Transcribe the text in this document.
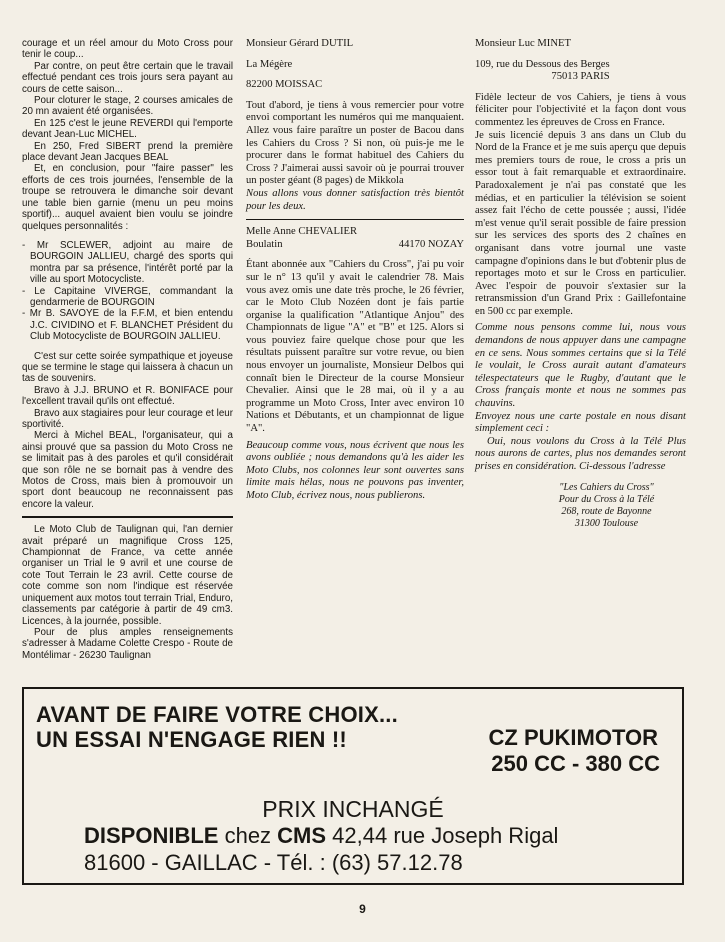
courage et un réel amour du Moto Cross pour tenir le coup...

Par contre, on peut être certain que le travail effectué pendant ces trois jours sera payant au cours de cette saison...

Pour cloturer le stage, 2 courses amicales de 20 mn avaient été organisées.

En 125 c'est le jeune REVERDI qui l'emporte devant Jean-Luc MICHEL.

En 250, Fred SIBERT prend la première place devant Jean Jacques BEAL

Et, en conclusion, pour "faire passer" les efforts de ces trois journées, l'ensemble de la troupe se retrouvera le dimanche soir devant une table bien garnie (menu un peu moins sportif)... auquel avaient bien voulu se joindre quelques personnalités :

- Mr SCLEWER, adjoint au maire de BOURGOIN JALLIEU, chargé des sports qui montra par sa présence, l'intérêt porté par la ville au sport Motocycliste.

- Le Capitaine VIVERGE, commandant la gendarmerie de BOURGOIN

- Mr B. SAVOYE de la F.F.M, et bien entendu J.C. CIVIDINO et F. BLANCHET Président du Club Motocycliste de BOURGOIN JALLIEU.

C'est sur cette soirée sympathique et joyeuse que se termine le stage qui laissera à chacun un tas de souvenirs.

Bravo à J.J. BRUNO et R. BONIFACE pour l'excellent travail qu'ils ont effectué.

Bravo aux stagiaires pour leur courage et leur sportivité.

Merci à Michel BEAL, l'organisateur, qui a ainsi prouvé que sa passion du Moto Cross ne se limitait pas à des paroles et qu'il considérait que son rôle ne se bornait pas à vendre des Motos de Cross, mais bien à promouvoir un sport dont beaucoup ne reconnaissent pas encore la valeur.

Le Moto Club de Taulignan qui, l'an dernier avait préparé un magnifique Cross 125, Championnat de France, va cette année organiser un Trial le 9 avril et une course de cote Tout Terrain le 23 avril. Cette course de cote comme son nom l'indique est réservée uniquement aux motos tout terrain Trial, Enduro, classements par catégorie à partir de 49 cm3. Licences, à la journée, possible.

Pour de plus amples renseignements s'adresser à Madame Colette Crespo - Route de Montélimar - 26230 Taulignan

Monsieur Gérard DUTIL

La Mégère

82200 MOISSAC

Tout d'abord, je tiens à vous remercier pour votre envoi comportant les numéros qui me manquaient. Allez vous faire paraître un poster de Bacou dans les Cahiers du Cross ? Si non, où puis-je me le procurer dans le format habituel des Cahiers du Cross ? J'aimerai aussi savoir où je pourrai trouver un poster géant (8 pages) de Mikkola

Nous allons vous donner satisfaction très bientôt pour les deux.

Melle Anne CHEVALIER

Boulatin	44170 NOZAY

Étant abonnée aux "Cahiers du Cross", j'ai pu voir sur le n° 13 qu'il y avait le calendrier 78. Mais vous avez omis une date très proche, le 26 février, car le Moto Club Nozéen dont je fais partie organise la qualification "Atlantique Anjou" des Championnats de ligue "A" et "B" et 125. Alors si vous pouviez faire quelque chose pour que les résultats puissent paraître sur votre revue, ou bien nous envoyer un journaliste, Monsieur Delbos qui connaît bien le Directeur de la course Monsieur Chevalier. Ainsi que le 28 mai, où il y a au programme un Moto Cross, Inter avec environ 10 Nations et Débutants, et un championnat de ligue "A".

Beaucoup comme vous, nous écrivent que nous les avons oubliée ; nous demandons qu'à les aider les Moto Clubs, nos colonnes leur sont ouvertes sans limite mais hélas, nous ne pouvons pas inventer, Moto Club, écrivez nous, nous publierons.

Monsieur Luc MINET

109, rue du Dessous des Berges

75013 PARIS

Fidèle lecteur de vos Cahiers, je tiens à vous féliciter pour l'objectivité et la façon dont vous commentez les épreuves de Cross en France.

Je suis licencié depuis 3 ans dans un Club du Nord de la France et je me suis aperçu que depuis mes premiers tours de roue, le cross a pris un essor tout à fait remarquable et extraordinaire. Paradoxalement je n'ai pas constaté que les médias, et en particulier la télévision se soient assez fait l'écho de cette poussée ; aussi, l'idée m'est venue qu'il serait possible de faire pression sur les services des sports des 2 chaînes en organisant dans votre journal une vaste campagne d'opinions dans le but d'obtenir plus de reportages moto et sur le Cross en particulier. Avec l'espoir de pouvoir s'extasier sur la retransmission d'un Grand Prix : Gaillefontaine en 500 cc par exemple.

Comme nous pensons comme lui, nous vous demandons de nous appuyer dans une campagne en ce sens. Nous sommes certains que si la Télé le voulait, le Cross aurait autant d'amateurs télespectateurs que le Rugby, d'autant que le Cross français monte et nous ne sommes pas chauvins.

Envoyez nous une carte postale en nous disant simplement ceci :

Oui, nous voulons du Cross à la Télé Plus nous aurons de cartes, plus nos demandes seront prises en considération. Ci-dessous l'adresse

"Les Cahiers du Cross"
Pour du Cross à la Télé
268, route de Bayonne
31300 Toulouse
AVANT DE FAIRE VOTRE CHOIX...
UN ESSAI N'ENGAGE RIEN !!	CZ PUKIMOTOR
250 CC - 380 CC
PRIX INCHANGÉ
DISPONIBLE chez CMS 42,44 rue Joseph Rigal
81600 - GAILLAC - Tél. : (63) 57.12.78
9
